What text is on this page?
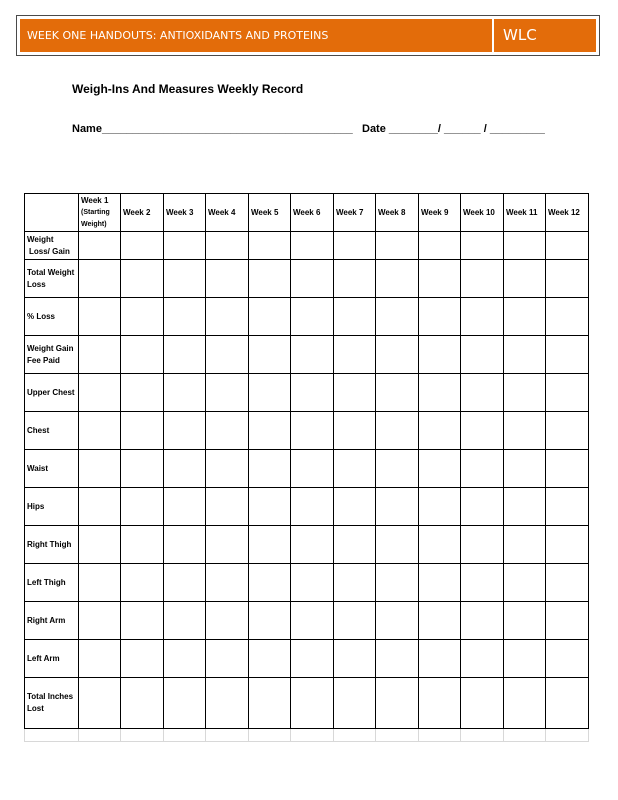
WEEK ONE HANDOUTS: ANTIOXIDANTS AND PROTEINS	WLC
Weigh-Ins And Measures Weekly Record
Name_________________________________________ Date ________/ ______ / _________

	Week 1
(Starting
Weight)	Week 2	Week 3	Week 4	Week 5	Week 6	Week 7	Week 8	Week 9	Week 10	Week 11	Week 12

Weight
Loss/ Gain												

Total Weight
Loss												

% Loss												

Weight Gain
Fee Paid												

Upper Chest												

Chest												

Waist												

Hips												

Right Thigh												

Left Thigh												

Right Arm												

Left Arm												

Total Inches
Lost												
